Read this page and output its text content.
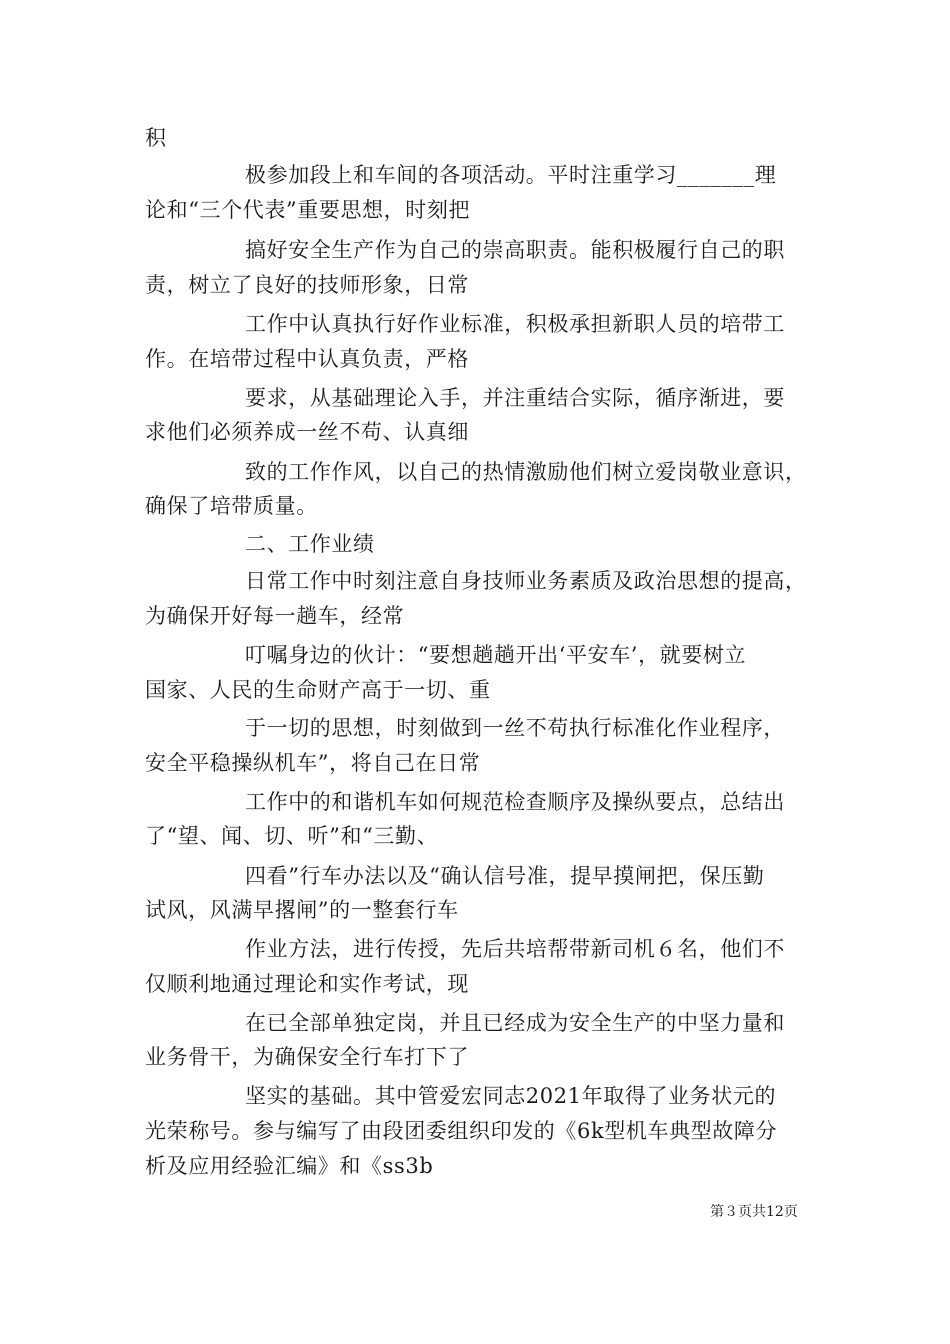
积
极参加段上和车间的各项活动。平时注重学习_______理
论和“三个代表”重要思想，时刻把
搞好安全生产作为自己的崇高职责。能积极履行自己的职
责，树立了良好的技师形象，日常
工作中认真执行好作业标准，积极承担新职人员的培带工
作。在培带过程中认真负责，严格
要求，从基础理论入手，并注重结合实际，循序渐进，要
求他们必须养成一丝不苟、认真细
致的工作作风，以自己的热情激励他们树立爱岗敬业意识，
确保了培带质量。
二、工作业绩
日常工作中时刻注意自身技师业务素质及政治思想的提高，
为确保开好每一趟车，经常
叮嘱身边的伙计：“要想趟趟开出‘平安车’，就要树立
国家、人民的生命财产高于一切、重
于一切的思想，时刻做到一丝不苟执行标准化作业程序，
安全平稳操纵机车”，将自己在日常
工作中的和谐机车如何规范检查顺序及操纵要点，总结出
了“望、闻、切、听”和“三勤、
四看”行车办法以及“确认信号准，提早摸闸把，保压勤
试风，风满早撂闸”的一整套行车
作业方法，进行传授，先后共培帮带新司机６名，他们不
仅顺利地通过理论和实作考试，现
在已全部单独定岗，并且已经成为安全生产的中坚力量和
业务骨干，为确保安全行车打下了
坚实的基础。其中管爱宏同志2021年取得了业务状元的
光荣称号。参与编写了由段团委组织印发的《6k型机车典型故障分
析及应用经验汇编》和《ss3b
第３页共12页
